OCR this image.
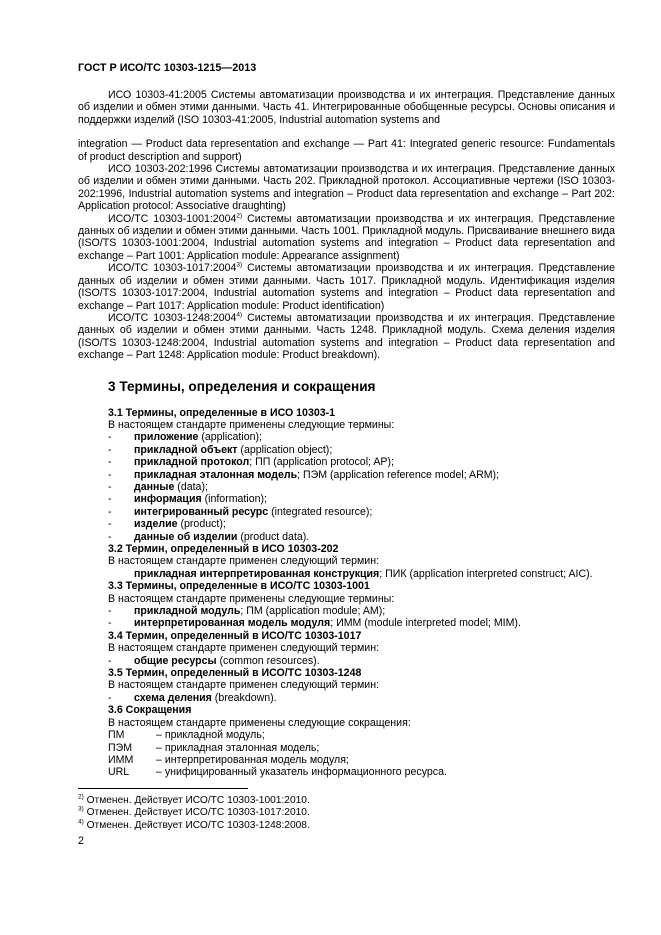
ГОСТ Р ИСО/ТС 10303-1215—2013
ИСО 10303-41:2005 Системы автоматизации производства и их интеграция. Представление данных об изделии и обмен этими данными. Часть 41. Интегрированные обобщенные ресурсы. Основы описания и поддержки изделий (ISO 10303-41:2005, Industrial automation systems and
integration — Product data representation and exchange — Part 41: Integrated generic resource: Fundamentals of product description and support)
ИСО 10303-202:1996 Системы автоматизации производства и их интеграция. Представление данных об изделии и обмен этими данными. Часть 202. Прикладной протокол. Ассоциативные чертежи (ISO 10303-202:1996, Industrial automation systems and integration – Product data representation and exchange – Part 202: Application protocol: Associative draughting)
ИСО/ТС 10303-1001:2004$^{2)}$ Системы автоматизации производства и их интеграция. Представление данных об изделии и обмен этими данными. Часть 1001. Прикладной модуль. Присваивание внешнего вида (ISO/TS 10303-1001:2004, Industrial automation systems and integration – Product data representation and exchange – Part 1001: Application module: Appearance assignment)
ИСО/ТС 10303-1017:2004$^{3)}$ Системы автоматизации производства и их интеграция. Представление данных об изделии и обмен этими данными. Часть 1017. Прикладной модуль. Идентификация изделия (ISO/TS 10303-1017:2004, Industrial automation systems and integration – Product data representation and exchange – Part 1017: Application module: Product identification)
ИСО/ТС 10303-1248:2004$^{4)}$ Системы автоматизации производства и их интеграция. Представление данных об изделии и обмен этими данными. Часть 1248. Прикладной модуль. Схема деления изделия (ISO/TS 10303-1248:2004, Industrial automation systems and integration – Product data representation and exchange – Part 1248: Application module: Product breakdown).
3 Термины, определения и сокращения
3.1 Термины, определенные в ИСО 10303-1
В настоящем стандарте применены следующие термины:
- приложение (application);
- прикладной объект (application object);
- прикладной протокол; ПП (application protocol; AP);
- прикладная эталонная модель; ПЭМ (application reference model; ARM);
- данные (data);
- информация (information);
- интегрированный ресурс (integrated resource);
- изделие (product);
- данные об изделии (product data).
3.2 Термин, определенный в ИСО 10303-202
В настоящем стандарте применен следующий термин:
- прикладная интерпретированная конструкция; ПИК (application interpreted construct; AIC).
3.3 Термины, определенные в ИСО/ТС 10303-1001
В настоящем стандарте применены следующие термины:
- прикладной модуль; ПМ (application module; AM);
- интерпретированная модель модуля; ИММ (module interpreted model; MIM).
3.4 Термин, определенный в ИСО/ТС 10303-1017
В настоящем стандарте применен следующий термин:
- общие ресурсы (common resources).
3.5 Термин, определенный в ИСО/ТС 10303-1248
В настоящем стандарте применен следующий термин:
- схема деления (breakdown).
3.6 Сокращения
В настоящем стандарте применены следующие сокращения:
ПМ	– прикладной модуль;
ПЭМ	– прикладная эталонная модель;
ИММ	– интерпретированная модель модуля;
URL	– унифицированный указатель информационного ресурса.
$^{2)}$ Отменен. Действует ИСО/ТС 10303-1001:2010.
$^{3)}$ Отменен. Действует ИСО/ТС 10303-1017:2010.
$^{4)}$ Отменен. Действует ИСО/ТС 10303-1248:2008.
2
